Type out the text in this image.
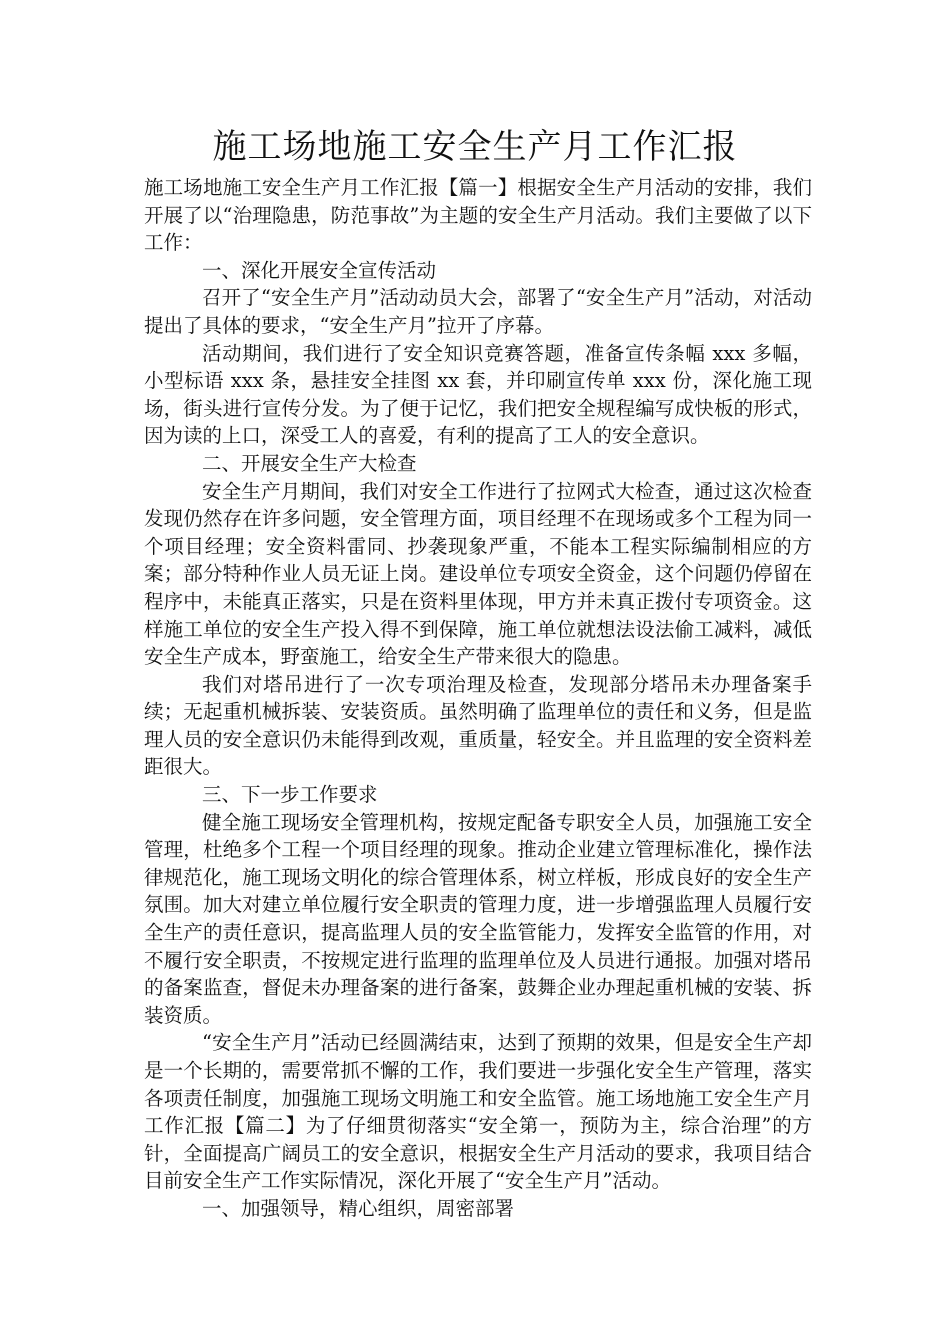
施工场地施工安全生产月工作汇报

施工场地施工安全生产月工作汇报【篇一】根据安全生产月活动的安排，我们开展了以“治理隐患，防范事故”为主题的安全生产月活动。我们主要做了以下工作：

一、深化开展安全宣传活动

召开了“安全生产月”活动动员大会，部署了“安全生产月”活动，对活动提出了具体的要求，“安全生产月”拉开了序幕。

活动期间，我们进行了安全知识竞赛答题，准备宣传条幅 xxx 多幅，小型标语 xxx 条，悬挂安全挂图 xx 套，并印刷宣传单 xxx 份，深化施工现场，街头进行宣传分发。为了便于记忆，我们把安全规程编写成快板的形式，因为读的上口，深受工人的喜爱，有利的提高了工人的安全意识。

二、开展安全生产大检查

安全生产月期间，我们对安全工作进行了拉网式大检查，通过这次检查发现仍然存在许多问题，安全管理方面，项目经理不在现场或多个工程为同一个项目经理；安全资料雷同、抄袭现象严重，不能本工程实际编制相应的方案；部分特种作业人员无证上岗。建设单位专项安全资金，这个问题仍停留在程序中，未能真正落实，只是在资料里体现，甲方并未真正拨付专项资金。这样施工单位的安全生产投入得不到保障，施工单位就想法设法偷工减料，减低安全生产成本，野蛮施工，给安全生产带来很大的隐患。

我们对塔吊进行了一次专项治理及检查，发现部分塔吊未办理备案手续；无起重机械拆装、安装资质。虽然明确了监理单位的责任和义务，但是监理人员的安全意识仍未能得到改观，重质量，轻安全。并且监理的安全资料差距很大。

三、下一步工作要求

健全施工现场安全管理机构，按规定配备专职安全人员，加强施工安全管理，杜绝多个工程一个项目经理的现象。推动企业建立管理标准化，操作法律规范化，施工现场文明化的综合管理体系，树立样板，形成良好的安全生产氛围。加大对建立单位履行安全职责的管理力度，进一步增强监理人员履行安全生产的责任意识，提高监理人员的安全监管能力，发挥安全监管的作用，对不履行安全职责，不按规定进行监理的监理单位及人员进行通报。加强对塔吊的备案监查，督促未办理备案的进行备案，鼓舞企业办理起重机械的安装、拆装资质。

“安全生产月”活动已经圆满结束，达到了预期的效果，但是安全生产却是一个长期的，需要常抓不懈的工作，我们要进一步强化安全生产管理，落实各项责任制度，加强施工现场文明施工和安全监管。施工场地施工安全生产月工作汇报【篇二】为了仔细贯彻落实“安全第一，预防为主，综合治理”的方针，全面提高广阔员工的安全意识，根据安全生产月活动的要求，我项目结合目前安全生产工作实际情况，深化开展了“安全生产月”活动。

一、加强领导，精心组织，周密部署
